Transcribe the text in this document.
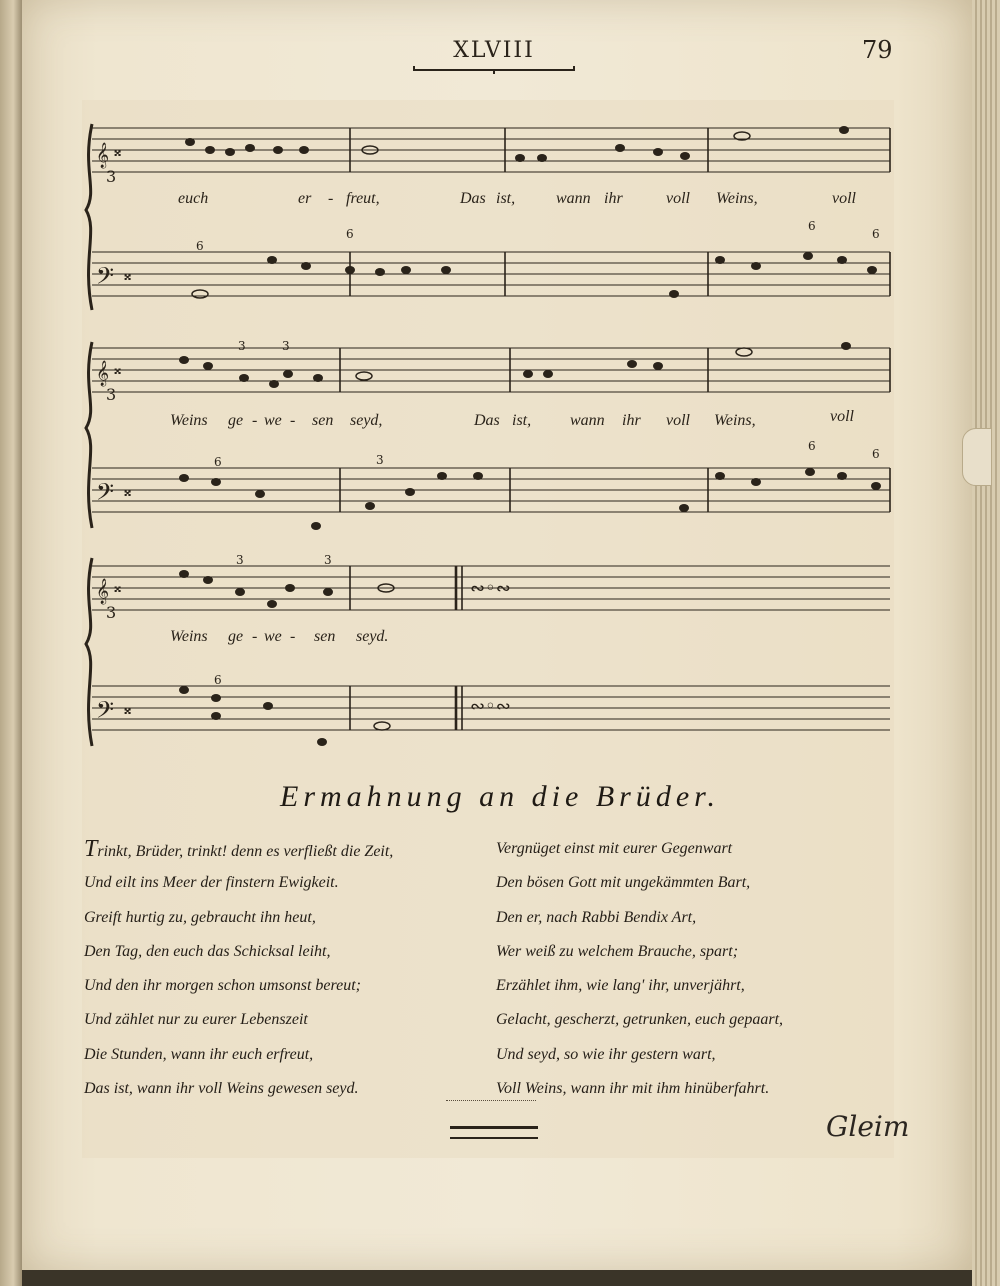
XLVIII	79
𝄞
3
𝄢
𝄞
3
𝄢
𝄞
3
𝄢
𝄪
𝄪
𝄪
𝄪
𝄪
𝄪
∾◦∾
∾◦∾
6
6
3	3
6
6
6	3
6
6
3	3
6
euch	er - freut,	Das ist,	wann ihr	voll Weins,	voll
Weins ge - we - sen seyd,	Das ist, wann ihr voll Weins,	voll
Weins ge - we - sen seyd.
Ermahnung an die Brüder.
Trinkt, Brüder, trinkt! denn es verfließt die Zeit,
Und eilt ins Meer der finstern Ewigkeit.
Greift hurtig zu, gebraucht ihn heut,
Den Tag, den euch das Schicksal leiht,
Und den ihr morgen schon umsonst bereut;
Und zählet nur zu eurer Lebenszeit
Die Stunden, wann ihr euch erfreut,
Das ist, wann ihr voll Weins gewesen seyd.
Vergnüget einst mit eurer Gegenwart
Den bösen Gott mit ungekämmten Bart,
Den er, nach Rabbi Bendix Art,
Wer weiß zu welchem Brauche, spart;
Erzählet ihm, wie lang' ihr, unverjährt,
Gelacht, gescherzt, getrunken, euch gepaart,
Und seyd, so wie ihr gestern wart,
Voll Weins, wann ihr mit ihm hinüberfahrt.
Gleim
